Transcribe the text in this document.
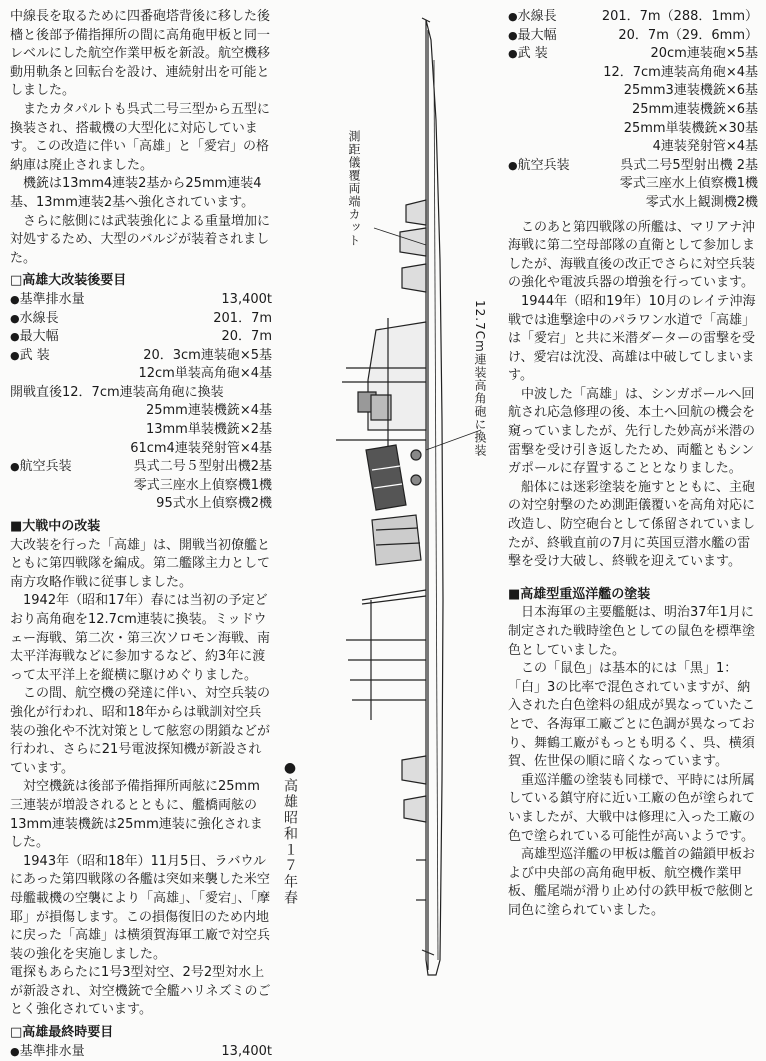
中線長を取るために四番砲塔背後に移した後檣と後部予備指揮所の間に高角砲甲板と同一レベルにした航空作業甲板を新設。航空機移動用軌条と回転台を設け、連続射出を可能としました。

またカタパルトも呉式二号三型から五型に換装され、搭載機の大型化に対応しています。この改造に伴い「高雄」と「愛宕」の格納庫は廃止されました。

機銃は13mm4連装2基から25mm連装4基、13mm連装2基へ強化されています。

さらに舷側には武装強化による重量増加に対処するため、大型のバルジが装着されました。

□高雄大改装後要目
●基準排水量	13,400t
●水線長	201．7m
●最大幅	20．7m
●武 装	20．3cm連装砲×5基
12cm単装高角砲×4基
開戦直後12．7cm連装高角砲に換装
25mm連装機銃×4基
13mm単装機銃×2基
61cm4連装発射管×4基
●航空兵装	呉式二号５型射出機2基
零式三座水上偵察機1機
95式水上偵察機2機
■大戦中の改装

大改装を行った「高雄」は、開戦当初僚艦とともに第四戦隊を編成。第二艦隊主力として南方攻略作戦に従事しました。

1942年（昭和17年）春には当初の予定どおり高角砲を12.7cm連装に換装。ミッドウェー海戦、第二次・第三次ソロモン海戦、南太平洋海戦などに参加するなど、約3年に渡って太平洋上を縦横に駆けめぐりました。

この間、航空機の発達に伴い、対空兵装の強化が行われ、昭和18年からは戦訓対空兵装の強化や不沈対策として舷窓の閉鎖などが行われ、さらに21号電波探知機が新設されています。

対空機銃は後部予備指揮所両舷に25mm三連装が増設されるとともに、艦橋両舷の13mm連装機銃は25mm連装に強化されました。

1943年（昭和18年）11月5日、ラバウルにあった第四戦隊の各艦は突如来襲した米空母艦載機の空襲により「高雄」、「愛宕」、「摩耶」が損傷します。この損傷復旧のため内地に戻った「高雄」は横須賀海軍工廠で対空兵装の強化を実施しました。

電探もあらたに1号3型対空、2号2型対水上が新設され、対空機銃で全艦ハリネズミのごとく強化されています。

□高雄最終時要目
●基準排水量	13,400t
測距儀覆両端カット
12.7Cm連装高角砲に換装
●高雄昭和１７年春
●水線長	201．7m（288．1mm）
●最大幅	20．7m（29．6mm）
●武 装	20cm連装砲×5基
12．7cm連装高角砲×4基
25mm3連装機銃×6基
25mm連装機銃×6基
25mm単装機銃×30基
4連装発射管×4基
●航空兵装	呉式二号5型射出機 2基
零式三座水上偵察機1機
零式水上観測機2機

このあと第四戦隊の所艦は、マリアナ沖海戦に第二空母部隊の直衛として参加しましたが、海戦直後の改正でさらに対空兵装の強化や電波兵器の増強を行っています。

1944年（昭和19年）10月のレイテ沖海戦では進撃途中のパラワン水道で「高雄」は「愛宕」と共に米潜ダーターの雷撃を受け、愛宕は沈没、高雄は中破してしまいます。

中波した「高雄」は、シンガポールへ回航され応急修理の後、本土へ回航の機会を窺っていましたが、先行した妙高が米潜の雷撃を受け引き返したため、両艦ともシンガポールに存置することとなりました。

船体には迷彩塗装を施すとともに、主砲の対空射撃のため測距儀覆いを高角対応に改造し、防空砲台として係留されていましたが、終戦直前の7月に英国豆潜水艦の雷撃を受け大破し、終戦を迎えています。

■高雄型重巡洋艦の塗装

日本海軍の主要艦艇は、明治37年1月に制定された戦時塗色としての鼠色を標準塗色としていました。

この「鼠色」は基本的には「黒」1：「白」3の比率で混色されていますが、納入された白色塗料の組成が異なっていたことで、各海軍工廠ごとに色調が異なっており、舞鶴工廠がもっとも明るく、呉、横須賀、佐世保の順に暗くなっています。

重巡洋艦の塗装も同様で、平時には所属している鎮守府に近い工廠の色が塗られていましたが、大戦中は修理に入った工廠の色で塗られている可能性が高いようです。

高雄型巡洋艦の甲板は艦首の錨鎖甲板および中央部の高角砲甲板、航空機作業甲板、艦尾端が滑り止め付の鉄甲板で舷側と同色に塗られていました。
